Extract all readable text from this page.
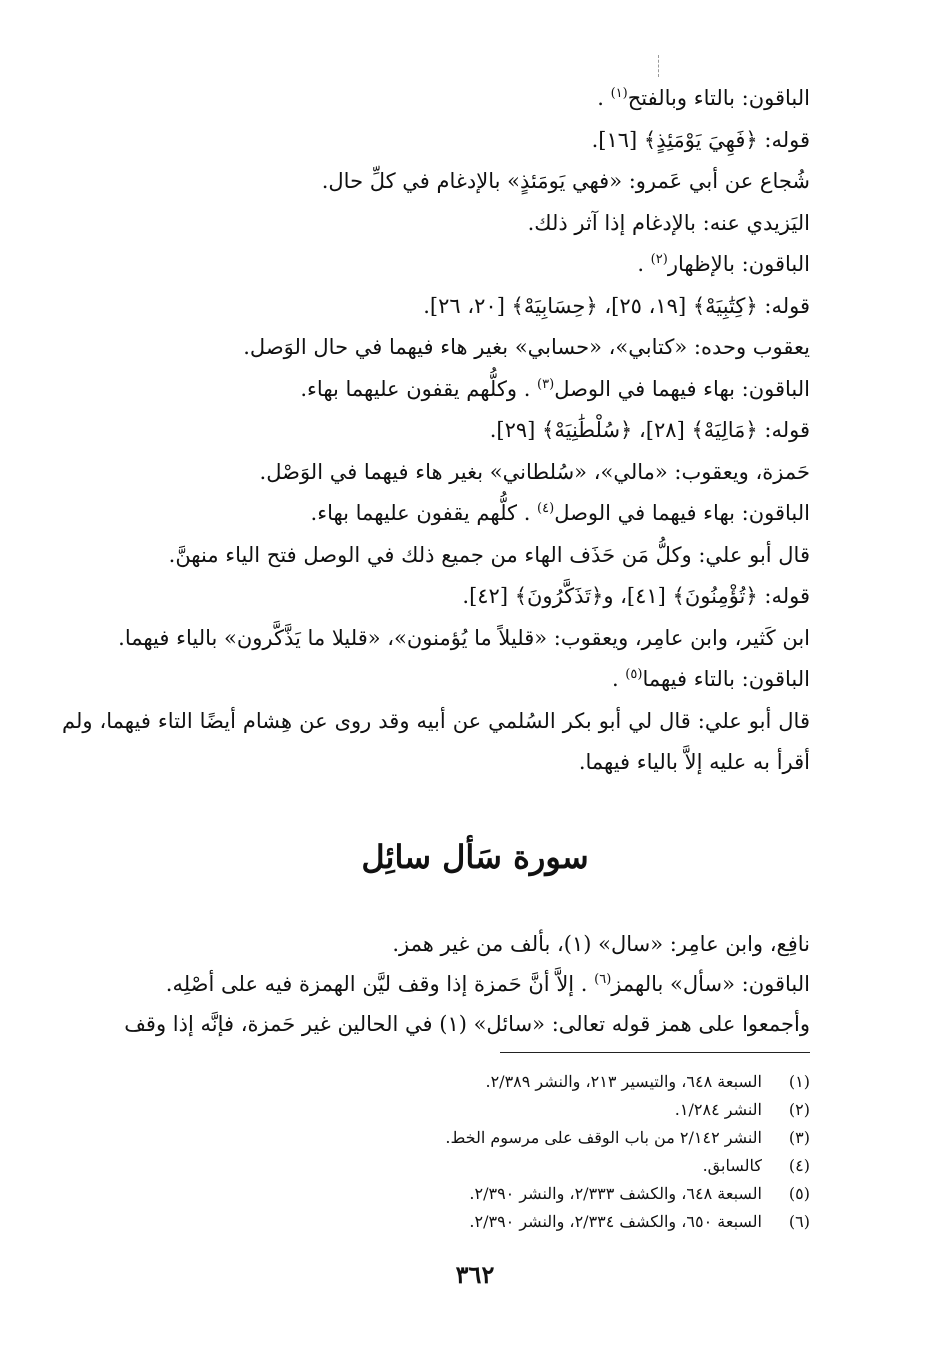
الباقون: بالتاء وبالفتح$^{(١)}$ .

قوله: ﴿فَهِيَ يَوْمَئِذٍ﴾ [١٦].

شُجاع عن أبي عَمرو: «فهي يَومَئذٍ» بالإدغام في كلِّ حال.

اليَزيدي عنه: بالإدغام إذا آثر ذلك.

الباقون: بالإظهار$^{(٢)}$ .

قوله: ﴿كِتَٰبِيَهْ﴾ [١٩، ٢٥]، ﴿حِسَابِيَهْ﴾ [٢٠، ٢٦].

يعقوب وحده: «كتابي»، «حسابي» بغير هاء فيهما في حال الوَصل.

الباقون: بهاء فيهما في الوصل$^{(٣)}$ . وكلُّهم يقفون عليهما بهاء.

قوله: ﴿مَالِيَهْ﴾ [٢٨]، ﴿سُلْطَٰنِيَهْ﴾ [٢٩].

حَمزة، ويعقوب: «مالي»، «سُلطاني» بغير هاء فيهما في الوَصْل.

الباقون: بهاء فيهما في الوصل$^{(٤)}$ . كلُّهم يقفون عليهما بهاء.

قال أبو علي: وكلُّ مَن حَذَف الهاء من جميع ذلك في الوصل فتح الياء منهنَّ.

قوله: ﴿تُؤْمِنُونَ﴾ [٤١]، و﴿تَذَكَّرُونَ﴾ [٤٢].

ابن كَثير، وابن عامِر، ويعقوب: «قليلاً ما يُؤمنون»، «قليلا ما يَذَّكَّرون» بالياء فيهما.

الباقون: بالتاء فيهما$^{(٥)}$ .

قال أبو علي: قال لي أبو بكر السُلمي عن أبيه وقد روى عن هِشام أيضًا التاء فيهما، ولم أقرأ به عليه إلاَّ بالياء فيهما.

سورة سَأل سائِل

نافِع، وابن عامِر: «سال» (١)، بألف من غير همز.

الباقون: «سأل» بالهمز$^{(٦)}$ . إلاَّ أنَّ حَمزة إذا وقف ليَّن الهمزة فيه على أصْلِه.

وأجمعوا على همز قوله تعالى: «سائل» (١) في الحالين غير حَمزة، فإنَّه إذا وقف

(١)
السبعة ٦٤٨، والتيسير ٢١٣، والنشر ٢/٣٨٩.
(٢)
النشر ١/٢٨٤.
(٣)
النشر ٢/١٤٢ من باب الوقف على مرسوم الخط.
(٤)
كالسابق.
(٥)
السبعة ٦٤٨، والكشف ٢/٣٣٣، والنشر ٢/٣٩٠.
(٦)
السبعة ٦٥٠، والكشف ٢/٣٣٤، والنشر ٢/٣٩٠.
٣٦٢
